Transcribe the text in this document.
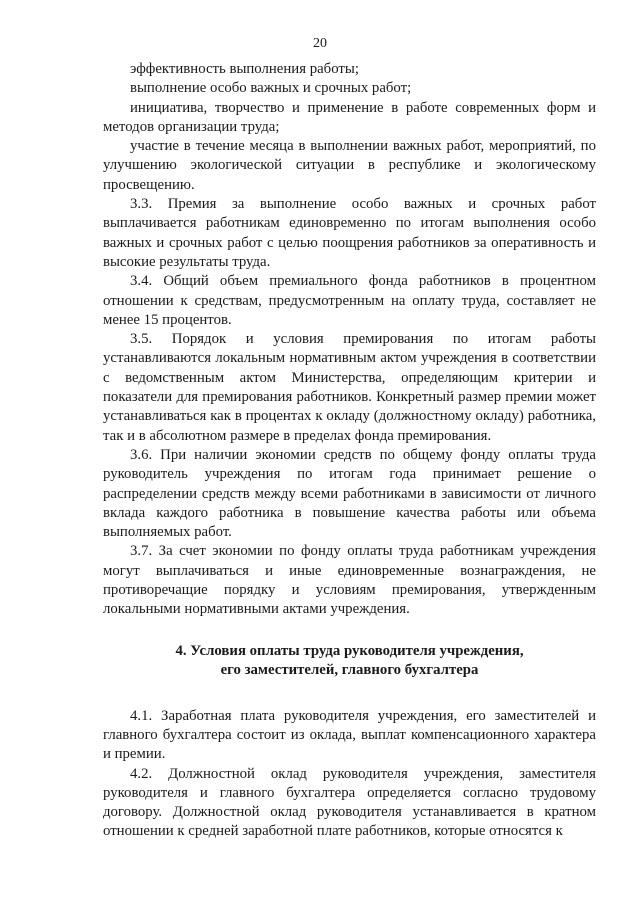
20

эффективность выполнения работы;

выполнение особо важных и срочных работ;

инициатива, творчество и применение в работе современных форм и методов организации труда;

участие в течение месяца в выполнении важных работ, мероприятий, по улучшению экологической ситуации в республике и экологическому просвещению.

3.3. Премия за выполнение особо важных и срочных работ выплачивается работникам единовременно по итогам выполнения особо важных и срочных работ с целью поощрения работников за оперативность и высокие результаты труда.

3.4. Общий объем премиального фонда работников в процентном отношении к средствам, предусмотренным на оплату труда, составляет не менее 15 процентов.

3.5. Порядок и условия премирования по итогам работы устанавливаются локальным нормативным актом учреждения в соответствии с ведомственным актом Министерства, определяющим критерии и показатели для премирования работников. Конкретный размер премии может устанавливаться как в процентах к окладу (должностному окладу) работника, так и в абсолютном размере в пределах фонда премирования.

3.6. При наличии экономии средств по общему фонду оплаты труда руководитель учреждения по итогам года принимает решение о распределении средств между всеми работниками в зависимости от личного вклада каждого работника в повышение качества работы или объема выполняемых работ.

3.7. За счет экономии по фонду оплаты труда работникам учреждения могут выплачиваться и иные единовременные вознаграждения, не противоречащие порядку и условиям премирования, утвержденным локальными нормативными актами учреждения.

4. Условия оплаты труда руководителя учреждения,
его заместителей, главного бухгалтера

4.1. Заработная плата руководителя учреждения, его заместителей и главного бухгалтера состоит из оклада, выплат компенсационного характера и премии.

4.2. Должностной оклад руководителя учреждения, заместителя руководителя и главного бухгалтера определяется согласно трудовому договору. Должностной оклад руководителя устанавливается в кратном отношении к средней заработной плате работников, которые относятся к
